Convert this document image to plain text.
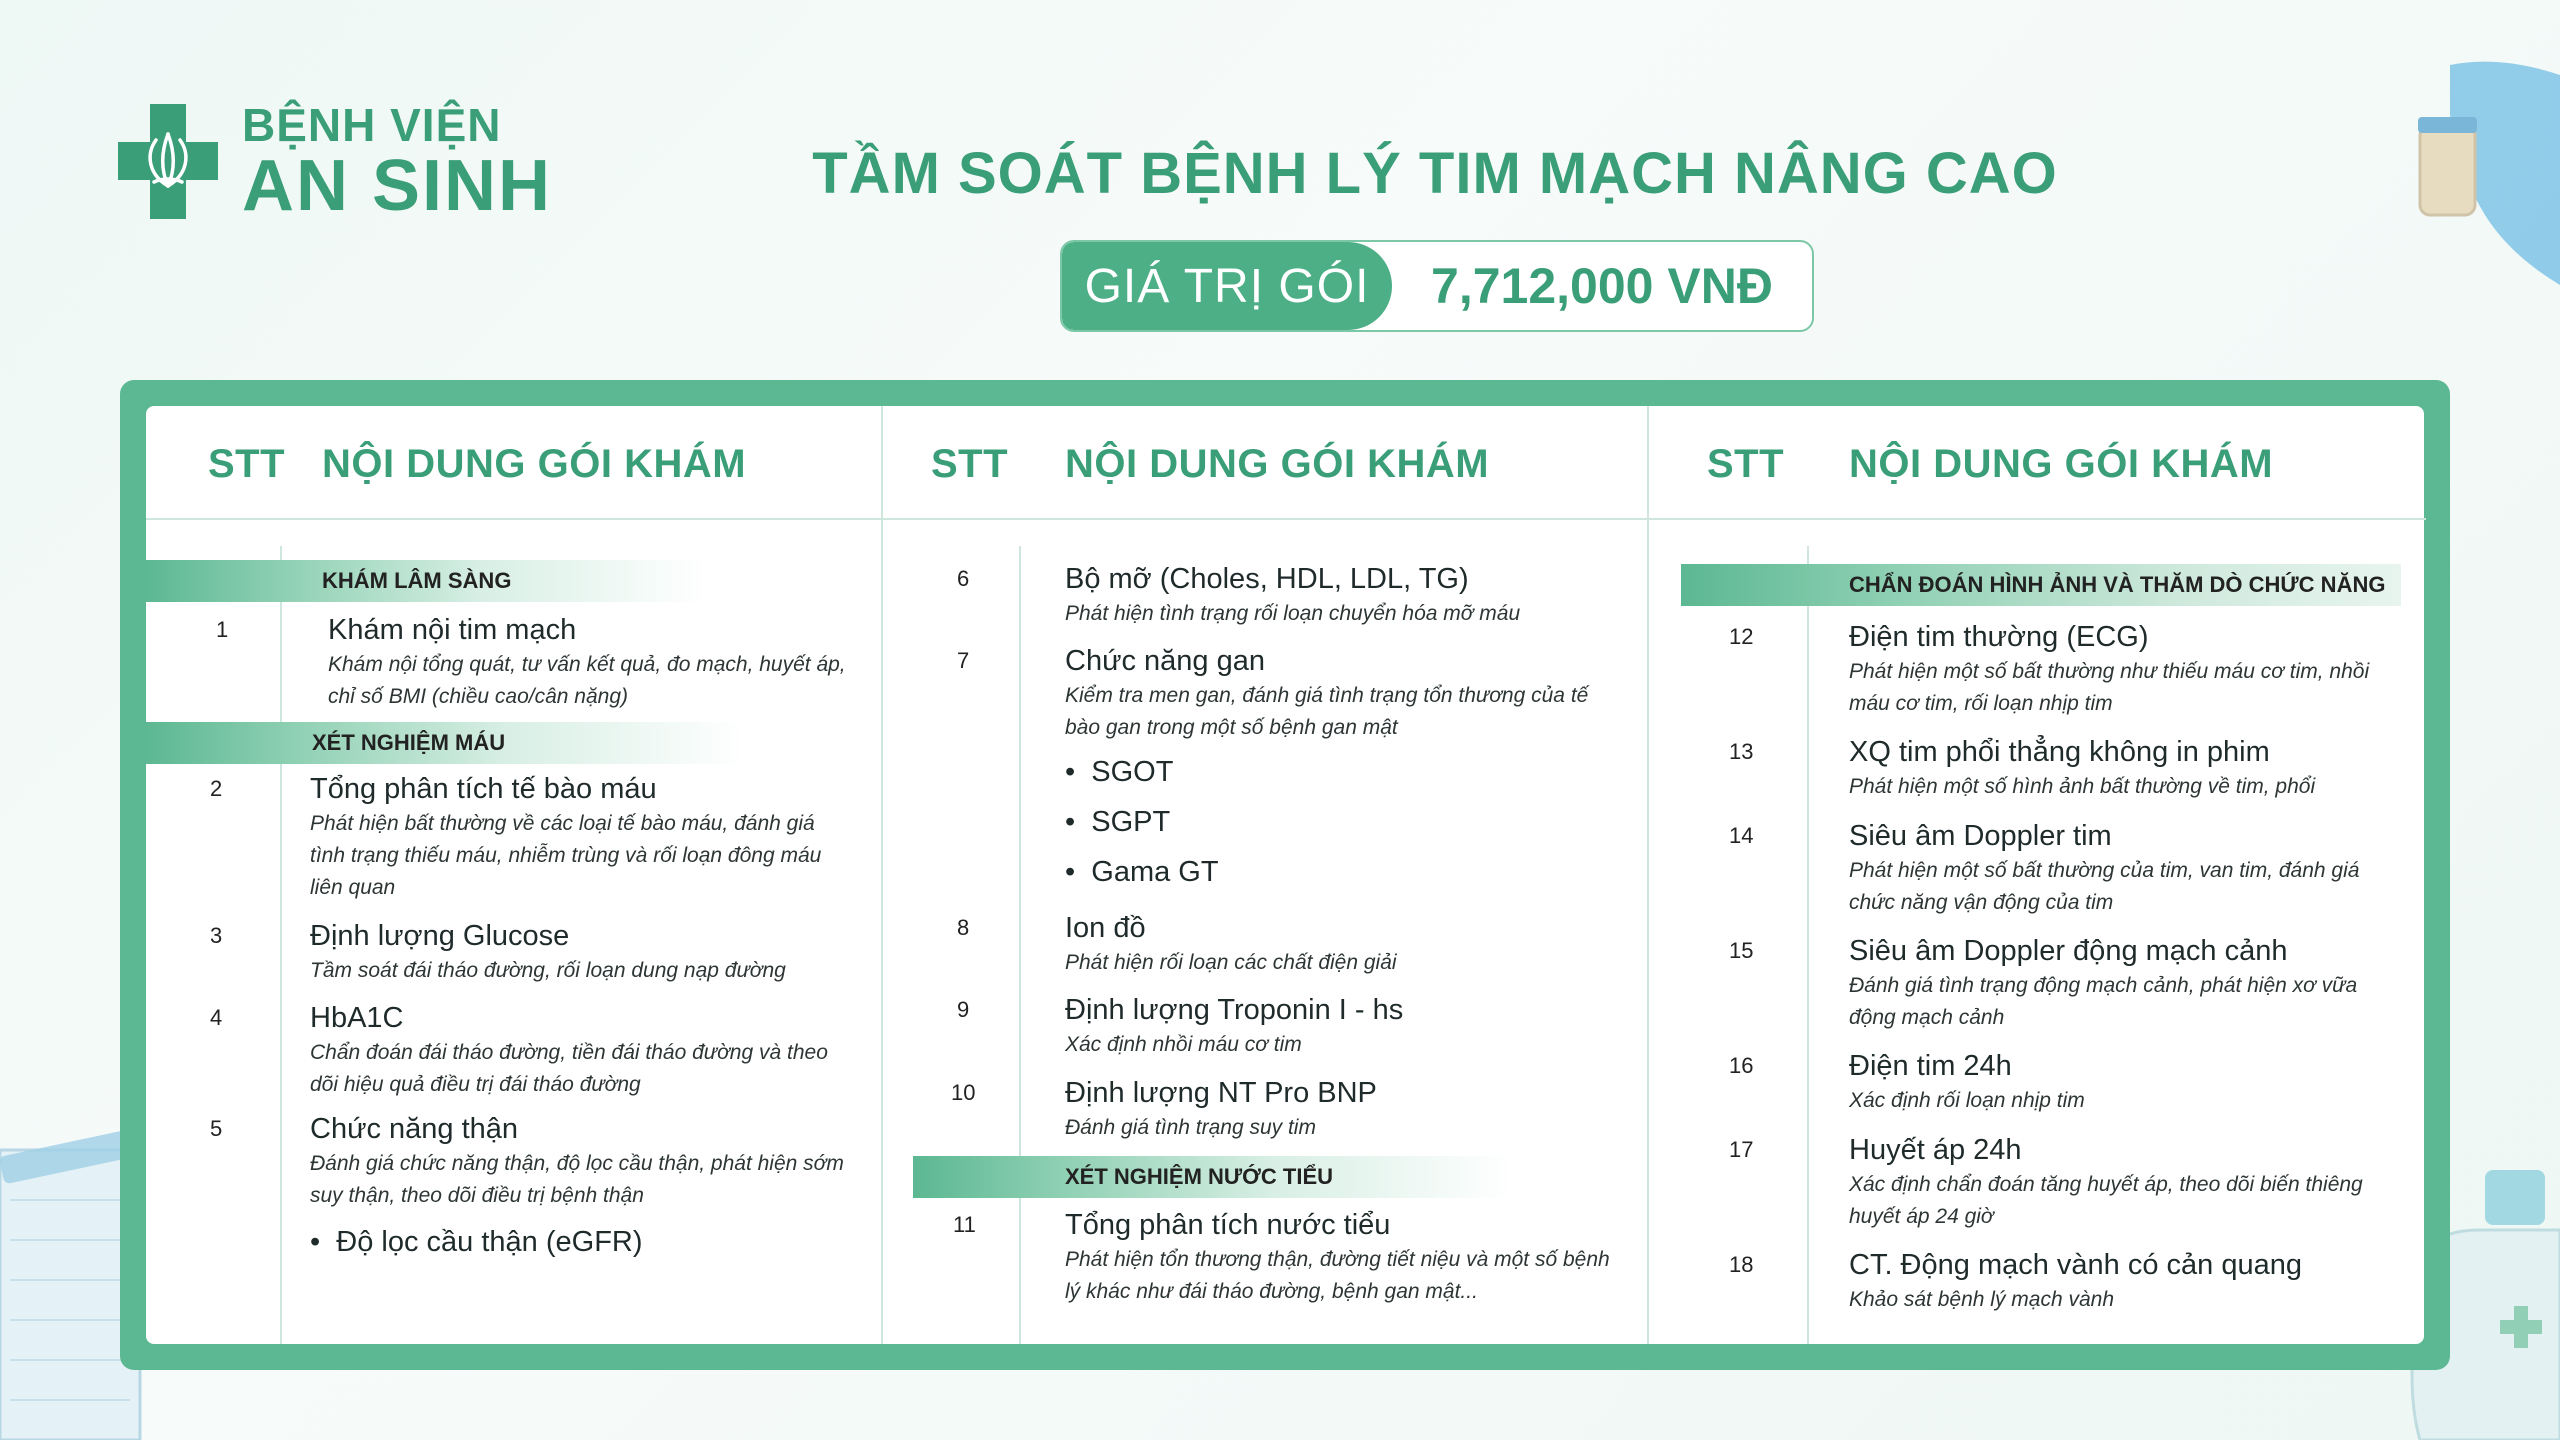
BỆNH VIỆN
AN SINH	TẦM SOÁT BỆNH LÝ TIM MẠCH NÂNG CAO
GIÁ TRỊ GÓI	7,712,000 VNĐ
STT NỘI DUNG GÓI KHÁM
KHÁM LÂM SÀNG
1	Khám nội tim mạch
Khám nội tổng quát, tư vấn kết quả, đo mạch, huyết áp, chỉ số BMI (chiều cao/cân nặng)
XÉT NGHIỆM MÁU
2	Tổng phân tích tế bào máu
Phát hiện bất thường về các loại tế bào máu, đánh giá tình trạng thiếu máu, nhiễm trùng và rối loạn đông máu liên quan
3	Định lượng Glucose
Tầm soát đái tháo đường, rối loạn dung nạp đường
4	HbA1C
Chẩn đoán đái tháo đường, tiền đái tháo đường và theo dõi hiệu quả điều trị đái tháo đường
5	Chức năng thận
Đánh giá chức năng thận, độ lọc cầu thận, phát hiện sớm suy thận, theo dõi điều trị bệnh thận
•  Độ lọc cầu thận (eGFR)
STT NỘI DUNG GÓI KHÁM
6	Bộ mỡ (Choles, HDL, LDL, TG)
Phát hiện tình trạng rối loạn chuyển hóa mỡ máu
7	Chức năng gan
Kiểm tra men gan, đánh giá tình trạng tổn thương của tế bào gan trong một số bệnh gan mật
•  SGOT
•  SGPT
•  Gama GT
8	Ion đồ
Phát hiện rối loạn các chất điện giải
9	Định lượng Troponin I - hs
Xác định nhồi máu cơ tim
10	Định lượng NT Pro BNP
Đánh giá tình trạng suy tim
XÉT NGHIỆM NƯỚC TIỂU
11	Tổng phân tích nước tiểu
Phát hiện tổn thương thận, đường tiết niệu và một số bệnh lý khác như đái tháo đường, bệnh gan mật...
STT NỘI DUNG GÓI KHÁM
CHẨN ĐOÁN HÌNH ẢNH VÀ THĂM DÒ CHỨC NĂNG
12	Điện tim thường (ECG)
Phát hiện một số bất thường như thiếu máu cơ tim, nhồi máu cơ tim, rối loạn nhịp tim
13	XQ tim phổi thẳng không in phim
Phát hiện một số hình ảnh bất thường về tim, phổi
14	Siêu âm Doppler tim
Phát hiện một số bất thường của tim, van tim, đánh giá chức năng vận động của tim
15	Siêu âm Doppler động mạch cảnh
Đánh giá tình trạng động mạch cảnh, phát hiện xơ vữa động mạch cảnh
16	Điện tim 24h
Xác định rối loạn nhịp tim
17	Huyết áp 24h
Xác định chẩn đoán tăng huyết áp, theo dõi biến thiêng huyết áp 24 giờ
18	CT. Động mạch vành có cản quang
Khảo sát bệnh lý mạch vành
